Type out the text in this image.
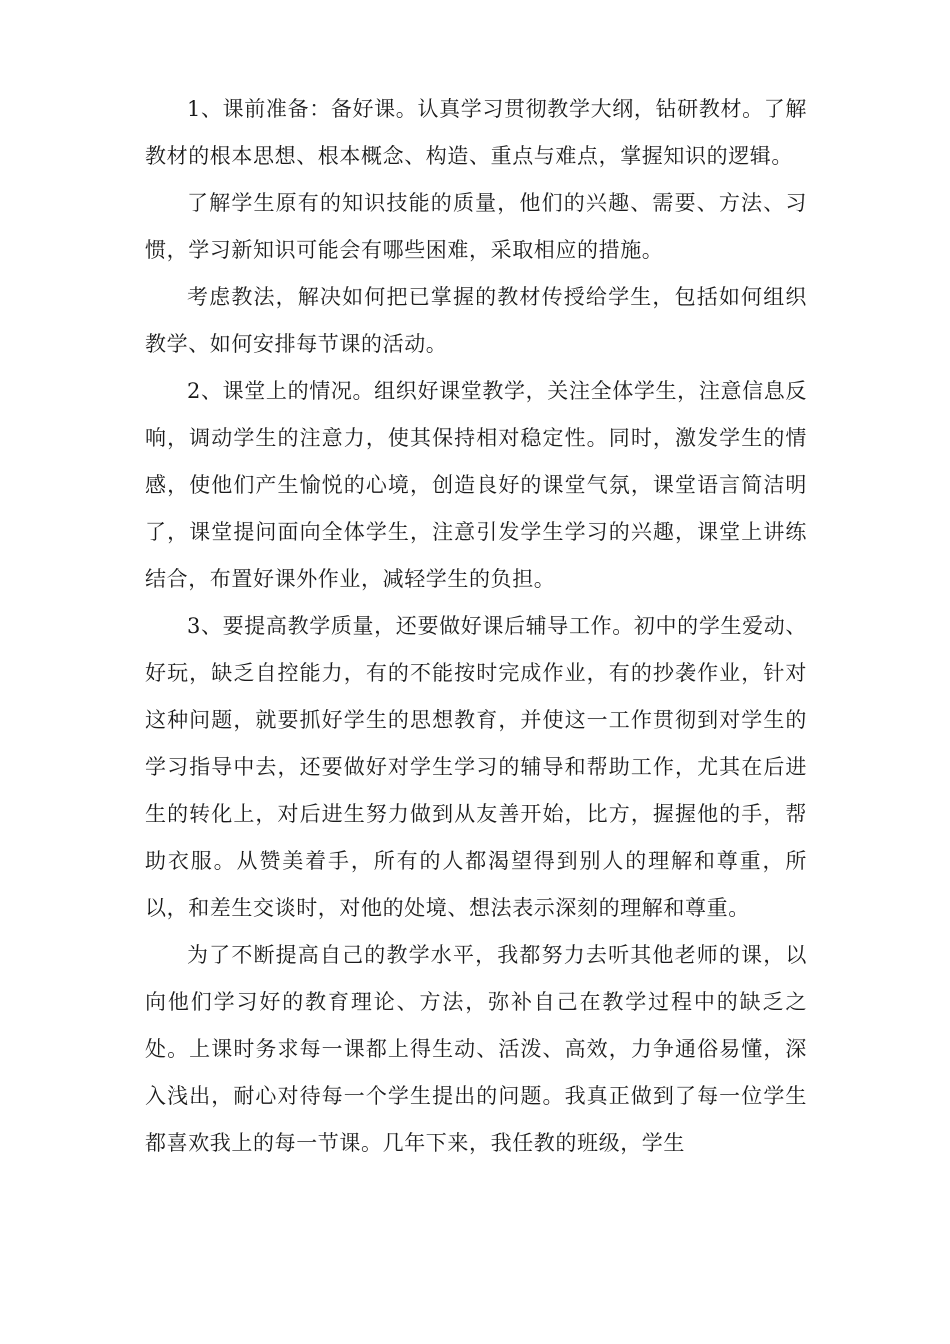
1、课前准备：备好课。认真学习贯彻教学大纲，钻研教材。了解教材的根本思想、根本概念、构造、重点与难点，掌握知识的逻辑。

了解学生原有的知识技能的质量，他们的兴趣、需要、方法、习惯，学习新知识可能会有哪些困难，采取相应的措施。

考虑教法，解决如何把已掌握的教材传授给学生，包括如何组织教学、如何安排每节课的活动。

2、课堂上的情况。组织好课堂教学，关注全体学生，注意信息反响，调动学生的注意力，使其保持相对稳定性。同时，激发学生的情感，使他们产生愉悦的心境，创造良好的课堂气氛，课堂语言简洁明了，课堂提问面向全体学生，注意引发学生学习的兴趣，课堂上讲练结合，布置好课外作业，减轻学生的负担。

3、要提高教学质量，还要做好课后辅导工作。初中的学生爱动、好玩，缺乏自控能力，有的不能按时完成作业，有的抄袭作业，针对这种问题，就要抓好学生的思想教育，并使这一工作贯彻到对学生的学习指导中去，还要做好对学生学习的辅导和帮助工作，尤其在后进生的转化上，对后进生努力做到从友善开始，比方，握握他的手，帮助衣服。从赞美着手，所有的人都渴望得到别人的理解和尊重，所以，和差生交谈时，对他的处境、想法表示深刻的理解和尊重。

为了不断提高自己的教学水平，我都努力去听其他老师的课，以向他们学习好的教育理论、方法，弥补自己在教学过程中的缺乏之处。上课时务求每一课都上得生动、活泼、高效，力争通俗易懂，深入浅出，耐心对待每一个学生提出的问题。我真正做到了每一位学生都喜欢我上的每一节课。几年下来，我任教的班级，学生
